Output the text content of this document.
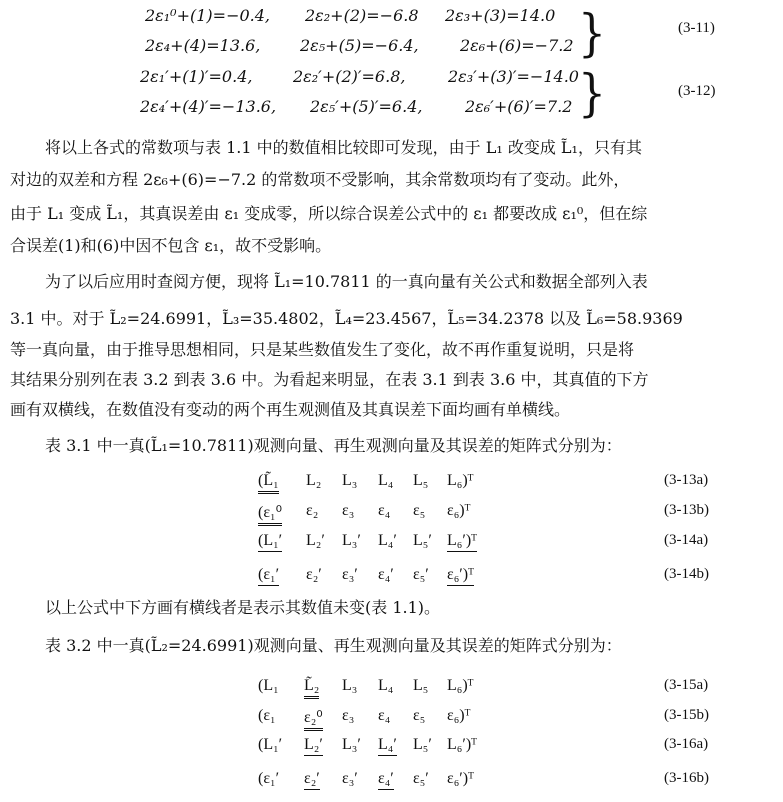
2ε₁⁰+(1)=−0.4, 2ε₂+(2)=−6.8 2ε₃+(3)=14.0
2ε₄+(4)=13.6, 2ε₅+(5)=−6.4,	2ε₆+(6)=−7.2 }	(3-11)
2ε₁′+(1)′=0.4,	2ε₂′+(2)′=6.8,	2ε₃′+(3)′=−14.0
2ε₄′+(4)′=−13.6, 2ε₅′+(5)′=6.4,	2ε₆′+(6)′=7.2 }	(3-12)
将以上各式的常数项与表 1.1 中的数值相比较即可发现，由于 L₁ 改变成 L̃₁，只有其
对边的双差和方程 2ε₆+(6)=−7.2 的常数项不受影响，其余常数项均有了变动。此外，
由于 L₁ 变成 L̃₁，其真误差由 ε₁ 变成零，所以综合误差公式中的 ε₁ 都要改成 ε₁⁰，但在综
合误差(1)和(6)中因不包含 ε₁，故不受影响。
为了以后应用时查阅方便，现将 L̃₁=10.7811 的一真向量有关公式和数据全部列入表
3.1 中。对于 L̃₂=24.6991，L̃₃=35.4802，L̃₄=23.4567，L̃₅=34.2378 以及 L̃₆=58.9369
等一真向量，由于推导思想相同，只是某些数值发生了变化，故不再作重复说明，只是将
其结果分别列在表 3.2 到表 3.6 中。为看起来明显，在表 3.1 到表 3.6 中，其真值的下方
画有双横线，在数值没有变动的两个再生观测值及其真误差下面均画有单横线。
表 3.1 中一真(L̃₁=10.7811)观测向量、再生观测向量及其误差的矩阵式分别为：
(L̃₁ L₂ L₃ L₄ L₅ L₆)ᵀ	(3-13a)
(ε₁⁰ ε₂ ε₃ ε₄ ε₅ ε₆)ᵀ	(3-13b)
(L₁′ L₂′ L₃′ L₄′ L₅′ L₆′)ᵀ	(3-14a)
(ε₁′ ε₂′ ε₃′ ε₄′ ε₅′ ε₆′)ᵀ	(3-14b)
以上公式中下方画有横线者是表示其数值未变(表 1.1)。
表 3.2 中一真(L̃₂=24.6991)观测向量、再生观测向量及其误差的矩阵式分别为：
(L₁ L̃₂ L₃ L₄ L₅ L₆)ᵀ	(3-15a)
(ε₁ ε₂⁰ ε₃ ε₄ ε₅ ε₆)ᵀ	(3-15b)
(L₁′ L₂′ L₃′ L₄′ L₅′ L₆′)ᵀ	(3-16a)
(ε₁′ ε₂′ ε₃′ ε₄′ ε₅′ ε₆′)ᵀ	(3-16b)
